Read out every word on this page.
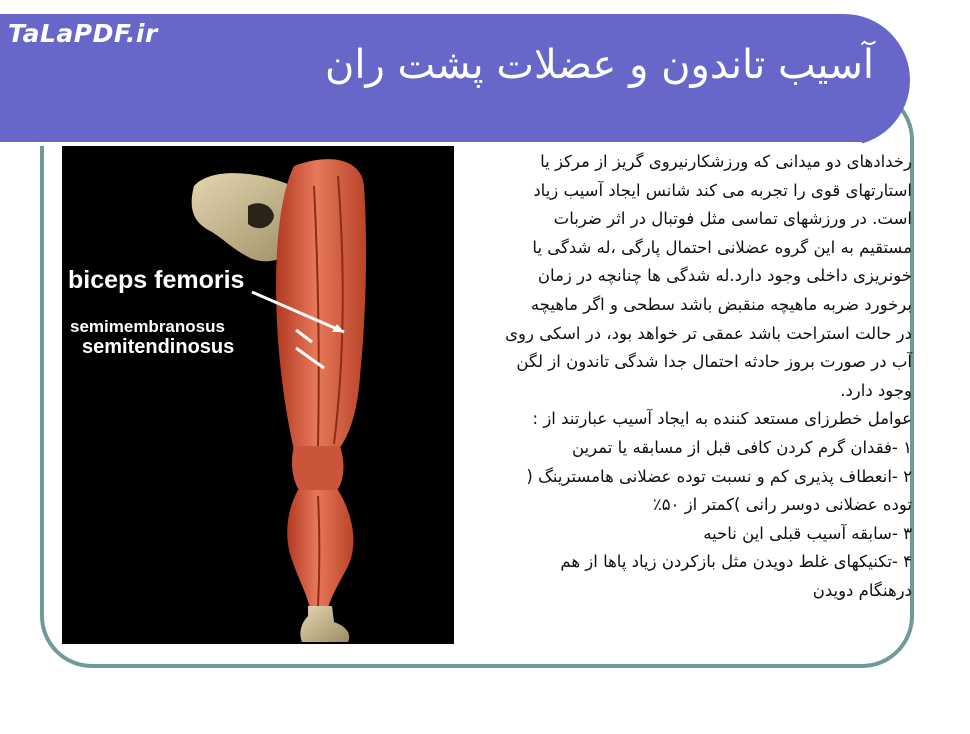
TaLaPDF.ir
آسیب تاندون و عضلات پشت ران
biceps femoris
semimembranosus
semitendinosus

رخدادهای دو میدانی که ورزشکارنیروی گریز از مرکز یا

استارتهای قوی را تجربه می کند شانس ایجاد آسیب زیاد

است. در ورزشهای تماسی مثل فوتبال در اثر ضربات

مستقیم به این گروه عضلانی احتمال پارگی ،له شدگی یا

خونریزی داخلی وجود دارد.له شدگی ها چنانچه در زمان

برخورد ضربه ماهیچه منقبض باشد سطحی و اگر ماهیچه

در حالت استراحت باشد عمقی تر خواهد بود، در اسکی روی

آب در صورت بروز حادثه احتمال جدا شدگی تاندون از لگن

وجود دارد.

عوامل خطرزای مستعد کننده به ایجاد آسیب عبارتند از :

۱ -فقدان گرم کردن کافی قبل از مسابقه یا تمرین

۲ -انعطاف پذیری کم و نسبت توده عضلانی هامسترینگ (

توده عضلانی دوسر رانی )کمتر از ۵۰٪

۳ -سابقه آسیب قبلی این ناحیه

۴ -تکنیکهای غلط دویدن مثل بازکردن زیاد پاها از هم

درهنگام دویدن
